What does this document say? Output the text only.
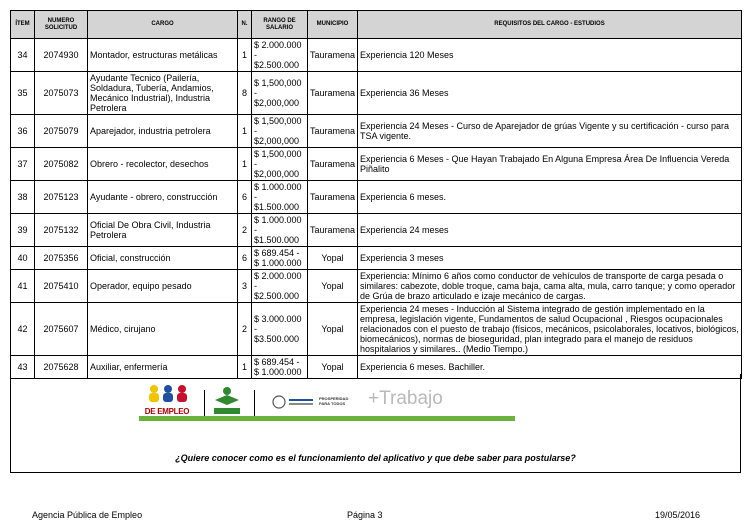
ÍTEM	NUMERO SOLICITUD	CARGO	N.	RANGO DE SALARIO	MUNICIPIO	REQUISITOS DEL CARGO - ESTUDIOS
34	2074930	Montador, estructuras metálicas	1	$ 2.000.000 -
$2.500.000	Tauramena	Experiencia 120 Meses
35	2075073	Ayudante Tecnico (Pailería, Soldadura, Tubería, Andamios, Mecánico Industrial), Industria Petrolera	8	$ 1,500,000 -
$2,000,000	Tauramena	Experiencia 36 Meses
36	2075079	Aparejador, industria petrolera	1	$ 1,500,000 -
$2,000,000	Tauramena	Experiencia 24 Meses - Curso de Aparejador de grúas Vigente y su certificación - curso para TSA vigente.
37	2075082	Obrero - recolector, desechos	1	$ 1,500,000 -
$2,000,000	Tauramena	Experiencia 6 Meses - Que Hayan Trabajado En Alguna Empresa Área De Influencia Vereda Piñalito
38	2075123	Ayudante - obrero, construcción	6	$ 1.000.000 -
$1.500.000	Tauramena	Experiencia 6 meses.
39	2075132	Oficial De Obra Civil, Industria Petrolera	2	$ 1.000.000 -
$1.500.000	Tauramena	Experiencia 24 meses
40	2075356	Oficial, construcción	6	$ 689.454 -
$ 1.000.000	Yopal	Experiencia 3 meses
41	2075410	Operador, equipo pesado	3	$ 2.000.000 -
$2.500.000	Yopal	Experiencia: Mínimo 6 años como conductor de vehículos de transporte de carga pesada o similares: cabezote, doble troque, cama baja, cama alta, mula, carro tanque; y como operador de Grúa de brazo articulado e izaje mecánico de cargas.
42	2075607	Médico, cirujano	2	$ 3.000.000 -
$3.500.000	Yopal	Experiencia 24 meses - Inducción al Sistema integrado de gestión implementado en la empresa, legislación vigente, Fundamentos de salud Ocupacional , Riesgos ocupacionales relacionados con el puesto de trabajo (físicos, mecánicos, psicolaborales, locativos, biológicos, biomecánicos), normas de bioseguridad, plan integrado para el manejo de residuos hospitalarios y similares.. (Medio Tiempo.)
43	2075628	Auxiliar, enfermería	1	$ 689.454 -
$ 1.000.000	Yopal	Experiencia 6 meses. Bachiller.
DE EMPLEO
PROSPERIDAD PARA TODOS	+Trabajo
¿Quiere conocer como es el funcionamiento del aplicativo y que debe saber para postularse?
Agencia Pública de Empleo	Página 3	19/05/2016
